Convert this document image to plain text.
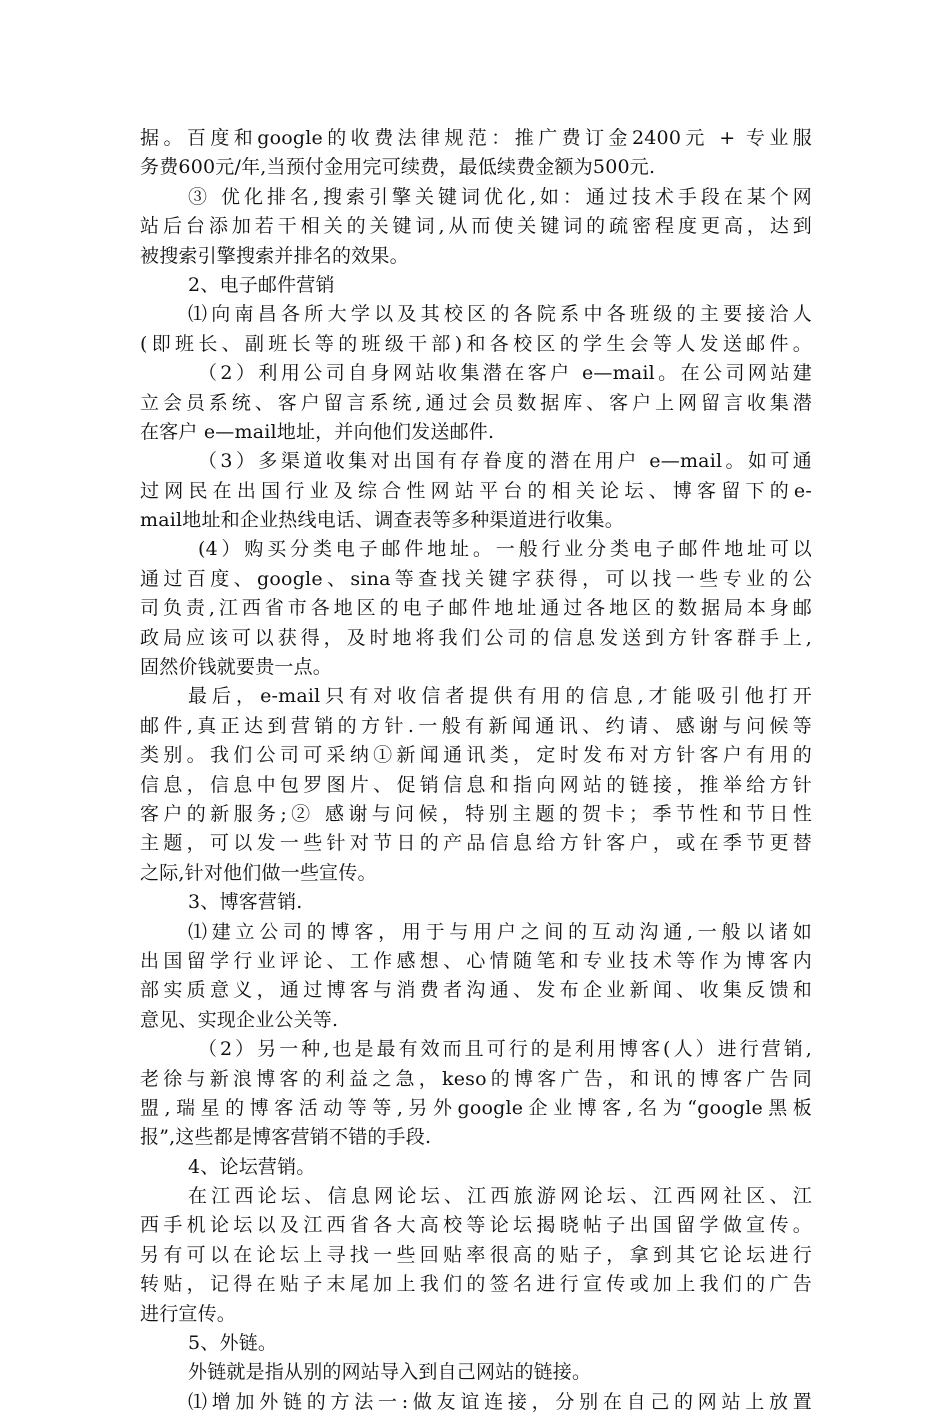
据。百度和google的收费法律规范：推广费订金2400元 + 专业服
务费600元/年,当预付金用完可续费，最低续费金额为500元.
③ 优化排名,搜索引擎关键词优化,如：通过技术手段在某个网
站后台添加若干相关的关键词,从而使关键词的疏密程度更高，达到
被搜索引擎搜索并排名的效果。
2、电子邮件营销
⑴向南昌各所大学以及其校区的各院系中各班级的主要接洽人
(即班长、副班长等的班级干部)和各校区的学生会等人发送邮件。
（2）利用公司自身网站收集潜在客户 e—mail。在公司网站建
立会员系统、客户留言系统,通过会员数据库、客户上网留言收集潜
在客户 e—mail地址，并向他们发送邮件.
（3）多渠道收集对出国有存眷度的潜在用户 e—mail。如可通
过网民在出国行业及综合性网站平台的相关论坛、博客留下的e-
mail地址和企业热线电话、调查表等多种渠道进行收集。
(4）购买分类电子邮件地址。一般行业分类电子邮件地址可以
通过百度、google、sina等查找关键字获得，可以找一些专业的公
司负责,江西省市各地区的电子邮件地址通过各地区的数据局本身邮
政局应该可以获得，及时地将我们公司的信息发送到方针客群手上,
固然价钱就要贵一点。
最后，e-mail只有对收信者提供有用的信息,才能吸引他打开
邮件,真正达到营销的方针.一般有新闻通讯、约请、感谢与问候等
类别。我们公司可采纳①新闻通讯类，定时发布对方针客户有用的
信息，信息中包罗图片、促销信息和指向网站的链接，推举给方针
客户的新服务;② 感谢与问候，特别主题的贺卡；季节性和节日性
主题，可以发一些针对节日的产品信息给方针客户，或在季节更替
之际,针对他们做一些宣传。
3、博客营销.
⑴建立公司的博客，用于与用户之间的互动沟通,一般以诸如
出国留学行业评论、工作感想、心情随笔和专业技术等作为博客内
部实质意义，通过博客与消费者沟通、发布企业新闻、收集反馈和
意见、实现企业公关等.
（2）另一种,也是最有效而且可行的是利用博客(人）进行营销,
老徐与新浪博客的利益之急，keso的博客广告，和讯的博客广告同
盟,瑞星的博客活动等等,另外google企业博客,名为“google黑板
报”,这些都是博客营销不错的手段.
4、论坛营销。
在江西论坛、信息网论坛、江西旅游网论坛、江西网社区、江
西手机论坛以及江西省各大高校等论坛揭晓帖子出国留学做宣传。
另有可以在论坛上寻找一些回贴率很高的贴子，拿到其它论坛进行
转贴，记得在贴子末尾加上我们的签名进行宣传或加上我们的广告
进行宣传。
5、外链。
外链就是指从别的网站导入到自己网站的链接。
⑴增加外链的方法一:做友谊连接，分别在自己的网站上放置
